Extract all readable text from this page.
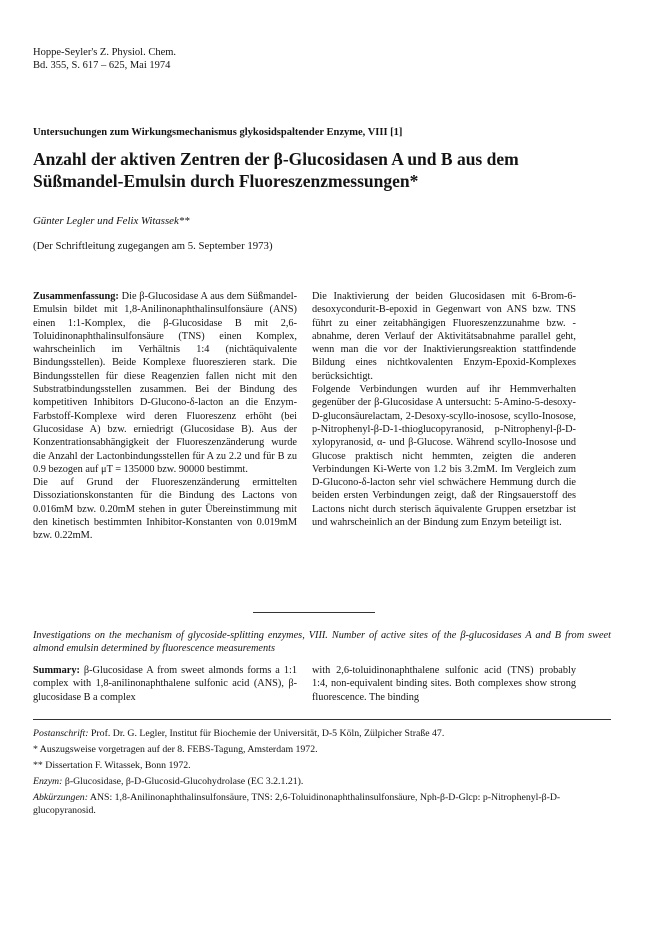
Hoppe-Seyler's Z. Physiol. Chem.
Bd. 355, S. 617 – 625, Mai 1974
Untersuchungen zum Wirkungsmechanismus glykosidspaltender Enzyme, VIII [1]
Anzahl der aktiven Zentren der β-Glucosidasen A und B aus dem
Süßmandel-Emulsin durch Fluoreszenzmessungen*
Günter Legler und Felix Witassek**
(Der Schriftleitung zugegangen am 5. September 1973)

Zusammenfassung: Die β-Glucosidase A aus dem Süßmandel-Emulsin bildet mit 1,8-Anilinonaphthalinsulfonsäure (ANS) einen 1:1-Komplex, die β-Glucosidase B mit 2,6-Toluidinonaphthalinsulfonsäure (TNS) einen Komplex, wahrscheinlich im Verhältnis 1:4 (nichtäquivalente Bindungsstellen). Beide Komplexe fluoreszieren stark. Die Bindungsstellen für diese Reagenzien fallen nicht mit den Substratbindungsstellen zusammen. Bei der Bindung des kompetitiven Inhibitors D-Glucono-δ-lacton an die Enzym-Farbstoff-Komplexe wird deren Fluoreszenz erhöht (bei Glucosidase A) bzw. erniedrigt (Glucosidase B). Aus der Konzentrationsabhängigkeit der Fluoreszenzänderung wurde die Anzahl der Lactonbindungsstellen für A zu 2.2 und für B zu 0.9 bezogen auf μT = 135000 bzw. 90000 bestimmt.

Die auf Grund der Fluoreszenzänderung ermittelten Dissoziationskonstanten für die Bindung des Lactons von 0.016mM bzw. 0.20mM stehen in guter Übereinstimmung mit den kinetisch bestimmten Inhibitor-Konstanten von 0.019mM bzw. 0.22mM.

Die Inaktivierung der beiden Glucosidasen mit 6-Brom-6-desoxycondurit-B-epoxid in Gegenwart von ANS bzw. TNS führt zu einer zeitabhängigen Fluoreszenzzunahme bzw. -abnahme, deren Verlauf der Aktivitätsabnahme parallel geht, wenn man die vor der Inaktivierungsreaktion stattfindende Bildung eines nichtkovalenten Enzym-Epoxid-Komplexes berücksichtigt.

Folgende Verbindungen wurden auf ihr Hemmverhalten gegenüber der β-Glucosidase A untersucht: 5-Amino-5-desoxy-D-gluconsäurelactam, 2-Desoxy-scyllo-inosose, scyllo-Inosose, p-Nitrophenyl-β-D-1-thioglucopyranosid, p-Nitrophenyl-β-D-xylopyranosid, α- und β-Glucose. Während scyllo-Inosose und Glucose praktisch nicht hemmten, zeigten die anderen Verbindungen Ki-Werte von 1.2 bis 3.2mM. Im Vergleich zum D-Glucono-δ-lacton sehr viel schwächere Hemmung durch die beiden ersten Verbindungen zeigt, daß der Ringsauerstoff des Lactons nicht durch sterisch äquivalente Gruppen ersetzbar ist und wahrscheinlich an der Bindung zum Enzym beteiligt ist.

Investigations on the mechanism of glycoside-splitting enzymes, VIII. Number of active sites of the β-glucosidases A and B from sweet almond emulsin determined by fluorescence measurements

Summary: β-Glucosidase A from sweet almonds forms a 1:1 complex with 1,8-anilinonaphthalene sulfonic acid (ANS), β-glucosidase B a complex

with 2,6-toluidinonaphthalene sulfonic acid (TNS) probably 1:4, non-equivalent binding sites. Both complexes show strong fluorescence. The binding

Postanschrift: Prof. Dr. G. Legler, Institut für Biochemie der Universität, D-5 Köln, Zülpicher Straße 47.

* Auszugsweise vorgetragen auf der 8. FEBS-Tagung, Amsterdam 1972.

** Dissertation F. Witassek, Bonn 1972.

Enzym: β-Glucosidase, β-D-Glucosid-Glucohydrolase (EC 3.2.1.21).

Abkürzungen: ANS: 1,8-Anilinonaphthalinsulfonsäure, TNS: 2,6-Toluidinonaphthalinsulfonsäure, Nph-β-D-Glcp: p-Nitrophenyl-β-D-glucopyranosid.
